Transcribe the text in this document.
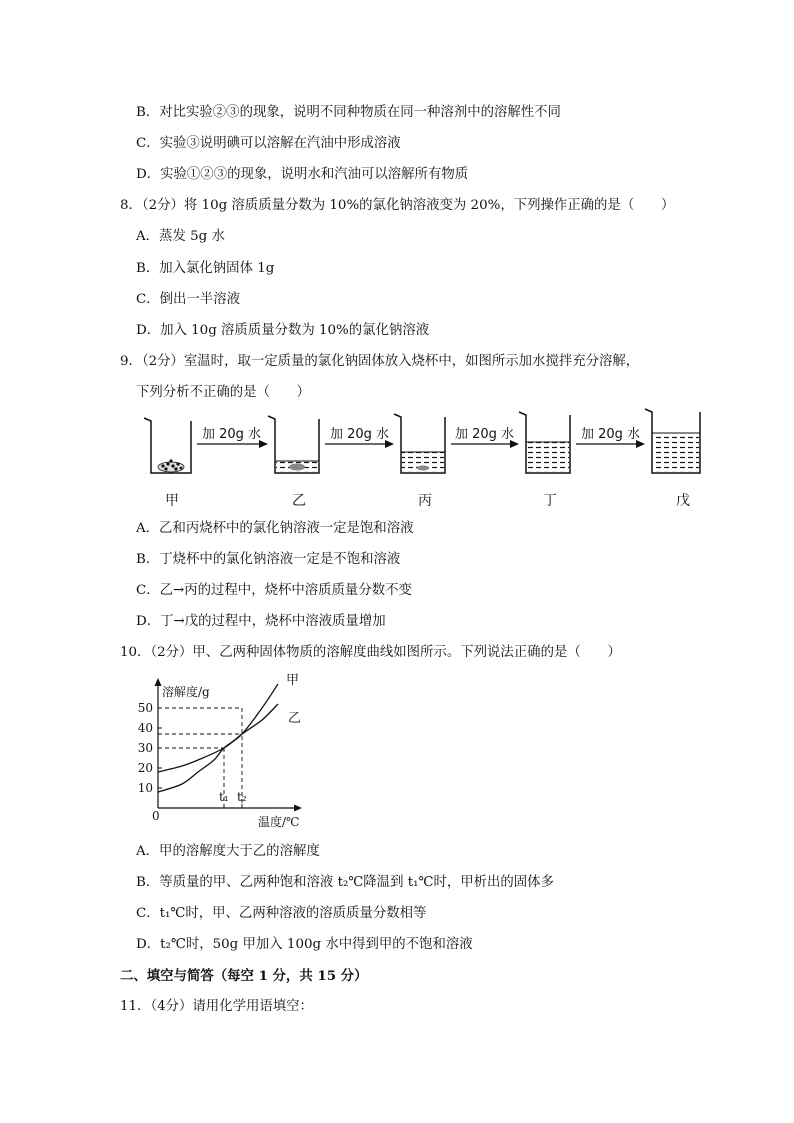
B．对比实验②③的现象，说明不同种物质在同一种溶剂中的溶解性不同
C．实验③说明碘可以溶解在汽油中形成溶液
D．实验①②③的现象，说明水和汽油可以溶解所有物质
8．（2分）将 10g 溶质质量分数为 10%的氯化钠溶液变为 20%，下列操作正确的是（　　）
A．蒸发 5g 水
B．加入氯化钠固体 1g
C．倒出一半溶液
D．加入 10g 溶质质量分数为 10%的氯化钠溶液
9．（2分）室温时，取一定质量的氯化钠固体放入烧杯中，如图所示加水搅拌充分溶解，
下列分析不正确的是（　　）
加 20g 水	加 20g 水	加 20g 水	加 20g 水
甲	乙	丙	丁	戊
A．乙和丙烧杯中的氯化钠溶液一定是饱和溶液
B．丁烧杯中的氯化钠溶液一定是不饱和溶液
C．乙→丙的过程中，烧杯中溶质质量分数不变
D．丁→戊的过程中，烧杯中溶液质量增加
10．（2分）甲、乙两种固体物质的溶解度曲线如图所示。下列说法正确的是（　　）
10
20
30
40
50
t₁ t₂
甲
乙
溶解度/g
温度/℃
0
A．甲的溶解度大于乙的溶解度
B．等质量的甲、乙两种饱和溶液 t₂℃降温到 t₁℃时，甲析出的固体多
C．t₁℃时，甲、乙两种溶液的溶质质量分数相等
D．t₂℃时，50g 甲加入 100g 水中得到甲的不饱和溶液
二、填空与简答（每空 1 分，共 15 分）
11．（4分）请用化学用语填空：
